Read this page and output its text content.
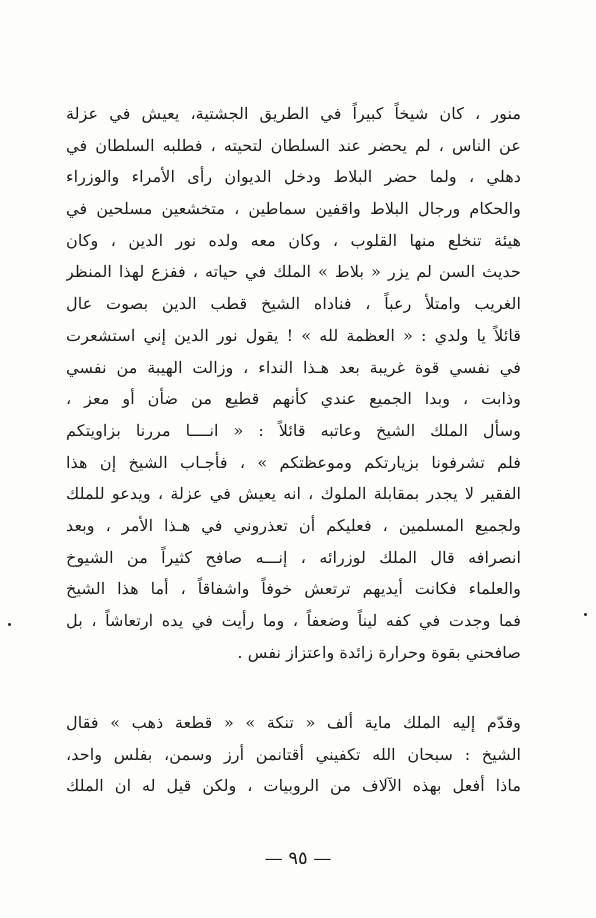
منور ، كان شيخاً كبيراً في الطريق الجشتية، يعيش في عزلة
عن الناس ، لم يحضر عند السلطان لتحيته ، فطلبه السلطان في
دهلي ، ولما حضر البلاط ودخل الديوان رأى الأمراء والوزراء
والحكام ورجال البلاط واقفين سماطين ، متخشعين مسلحين في
هيئة تنخلع منها القلوب ، وكان معه ولده نور الدين ، وكان
حديث السن لم يزر « بلاط » الملك في حياته ، ففزع لهذا المنظر
الغريب وامتلأ رعباً ، فناداه الشيخ قطب الدين بصوت عال
قائلاً يا ولدي : « العظمة لله » ! يقول نور الدين إني استشعرت
في نفسي قوة غريبة بعد هـذا النداء ، وزالت الهيبة من نفسي
وذابت ، وبدا الجميع عندي كأنهم قطيع من ضأن أو معز ،
وسأل الملك الشيخ وعاتبه قائلاً : « انــــا مررنا بزاويتكم
فلم تشرفونا بزيارتكم وموعظتكم » ، فأجـاب الشيخ إن هذا
الفقير لا يجدر بمقابلة الملوك ، انه يعيش في عزلة ، ويدعو للملك
ولجميع المسلمين ، فعليكم أن تعذروني في هـذا الأمر ، وبعد
انصرافه قال الملك لوزرائه ، إنـــه صافح كثيراً من الشيوخ
والعلماء فكانت أيديهم ترتعش خوفاً واشفاقاً ، أما هذا الشيخ
فما وجدت في كفه ليناً وضعفاً ، وما رأيت في يده ارتعاشاً ، بل
صافحني بقوة وحرارة زائدة واعتزاز نفس .
وقدّم إليه الملك ماية ألف « تنكة » « قطعة ذهب » فقال
الشيخ : سبحان الله تكفيني أقتانمن أرز وسمن، بفلس واحد،
ماذا أفعل بهذه الآلاف من الروبيات ، ولكن قيل له ان الملك
— ٩٥ —
